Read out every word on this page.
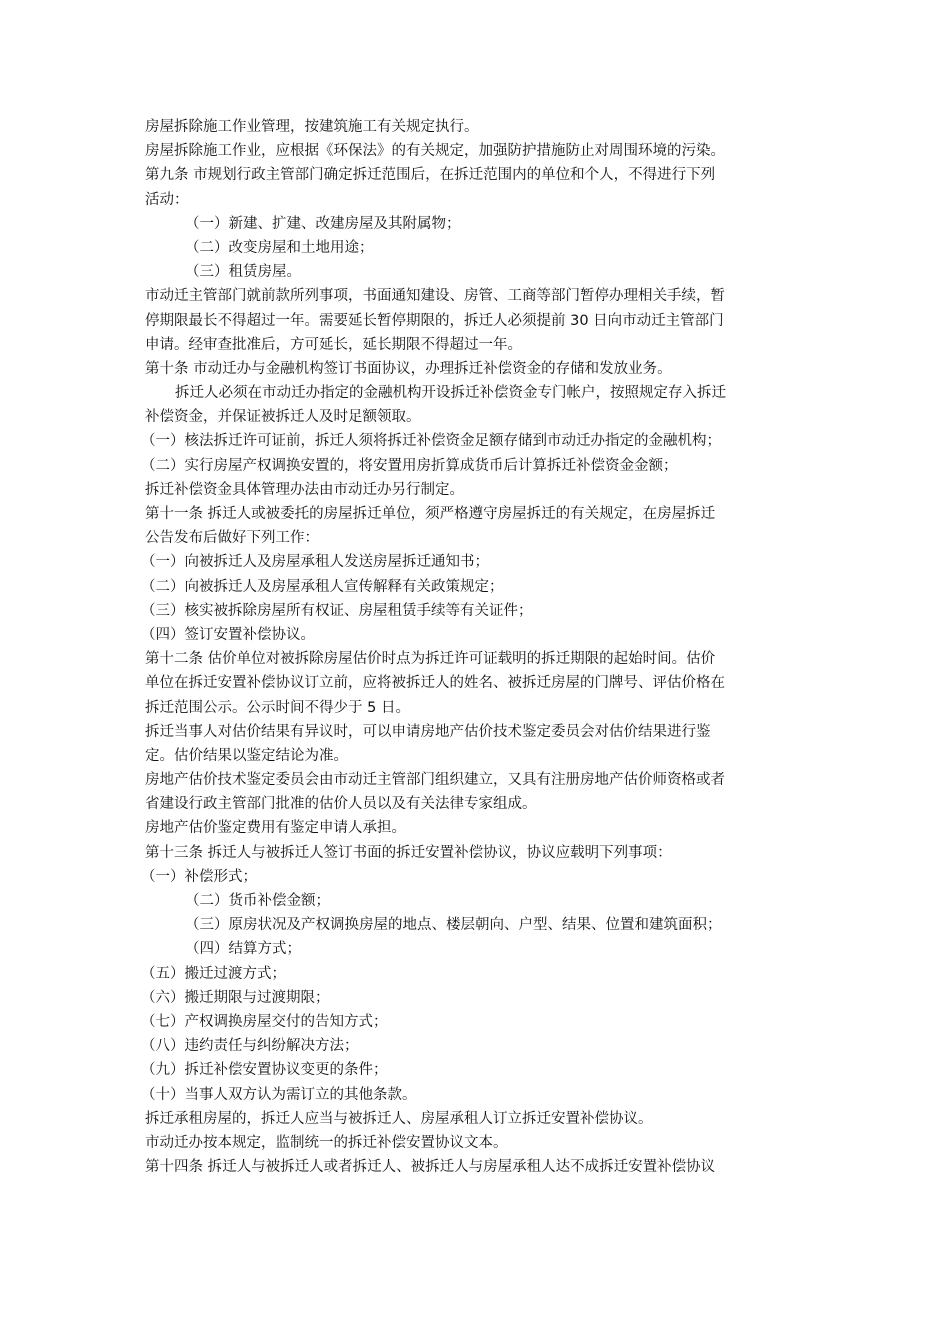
房屋拆除施工作业管理，按建筑施工有关规定执行。
房屋拆除施工作业，应根据《环保法》的有关规定，加强防护措施防止对周围环境的污染。
第九条 市规划行政主管部门确定拆迁范围后，在拆迁范围内的单位和个人，不得进行下列
活动：
（一）新建、扩建、改建房屋及其附属物；
（二）改变房屋和土地用途；
（三）租赁房屋。
市动迁主管部门就前款所列事项，书面通知建设、房管、工商等部门暂停办理相关手续，暂
停期限最长不得超过一年。需要延长暂停期限的，拆迁人必须提前 30 日向市动迁主管部门
申请。经审查批准后，方可延长，延长期限不得超过一年。
第十条 市动迁办与金融机构签订书面协议，办理拆迁补偿资金的存储和发放业务。
拆迁人必须在市动迁办指定的金融机构开设拆迁补偿资金专门帐户，按照规定存入拆迁
补偿资金，并保证被拆迁人及时足额领取。
（一）核法拆迁许可证前，拆迁人须将拆迁补偿资金足额存储到市动迁办指定的金融机构；
（二）实行房屋产权调换安置的，将安置用房折算成货币后计算拆迁补偿资金金额；
拆迁补偿资金具体管理办法由市动迁办另行制定。
第十一条 拆迁人或被委托的房屋拆迁单位，须严格遵守房屋拆迁的有关规定，在房屋拆迁
公告发布后做好下列工作：
（一）向被拆迁人及房屋承租人发送房屋拆迁通知书；
（二）向被拆迁人及房屋承租人宣传解释有关政策规定；
（三）核实被拆除房屋所有权证、房屋租赁手续等有关证件；
（四）签订安置补偿协议。
第十二条 估价单位对被拆除房屋估价时点为拆迁许可证载明的拆迁期限的起始时间。估价
单位在拆迁安置补偿协议订立前，应将被拆迁人的姓名、被拆迁房屋的门牌号、评估价格在
拆迁范围公示。公示时间不得少于 5 日。
拆迁当事人对估价结果有异议时，可以申请房地产估价技术鉴定委员会对估价结果进行鉴
定。估价结果以鉴定结论为准。
房地产估价技术鉴定委员会由市动迁主管部门组织建立，又具有注册房地产估价师资格或者
省建设行政主管部门批准的估价人员以及有关法律专家组成。
房地产估价鉴定费用有鉴定申请人承担。
第十三条 拆迁人与被拆迁人签订书面的拆迁安置补偿协议，协议应载明下列事项：
（一）补偿形式；
（二）货币补偿金额；
（三）原房状况及产权调换房屋的地点、楼层朝向、户型、结果、位置和建筑面积；
（四）结算方式；
（五）搬迁过渡方式；
（六）搬迁期限与过渡期限；
（七）产权调换房屋交付的告知方式；
（八）违约责任与纠纷解决方法；
（九）拆迁补偿安置协议变更的条件；
（十）当事人双方认为需订立的其他条款。
拆迁承租房屋的，拆迁人应当与被拆迁人、房屋承租人订立拆迁安置补偿协议。
市动迁办按本规定，监制统一的拆迁补偿安置协议文本。
第十四条 拆迁人与被拆迁人或者拆迁人、被拆迁人与房屋承租人达不成拆迁安置补偿协议
